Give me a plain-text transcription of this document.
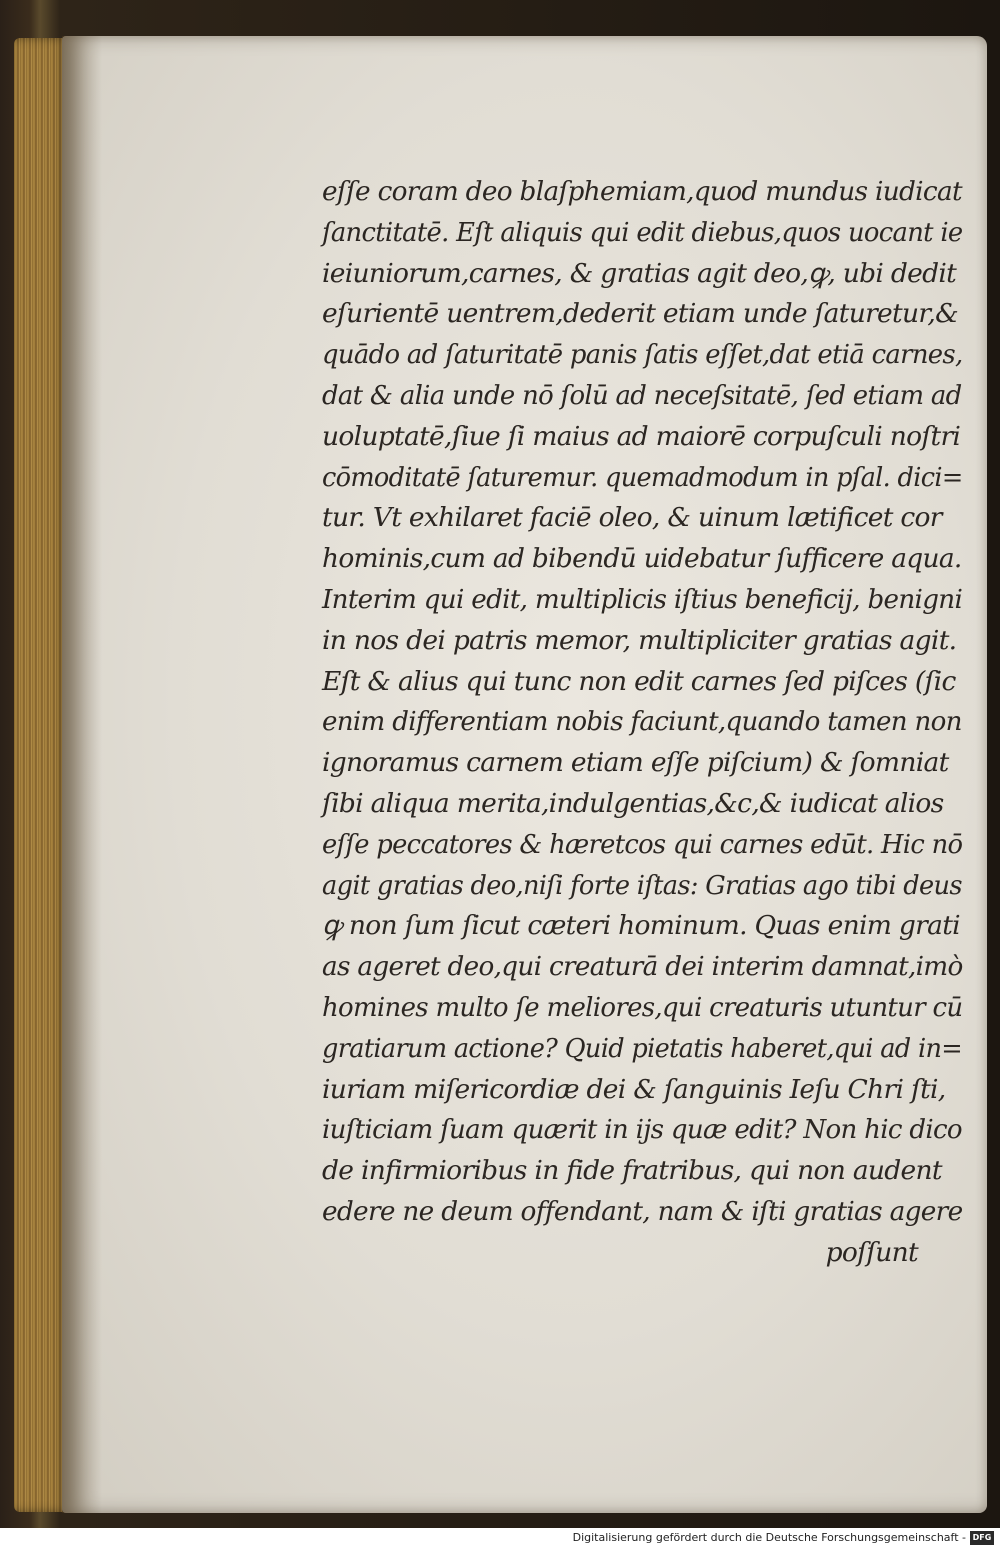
eſſe coram deo blaſphemiam,quod mundus iudicat
ſanctitatē. Eſt aliquis qui edit diebus,quos uocant ie
ieiuniorum,carnes, & gratias agit deo,ꝙ, ubi dedit
eſurientē uentrem,dederit etiam unde ſaturetur,&
quādo ad ſaturitatē panis ſatis eſſet,dat etiā carnes,
dat & alia unde nō ſolū ad neceſsitatē, ſed etiam ad
uoluptatē,ſiue ſi maius ad maiorē corpuſculi noſtri
cōmoditatē ſaturemur. quemadmodum in pſal. dici=
tur. Vt exhilaret faciē oleo, & uinum lætificet cor
hominis,cum ad bibendū uidebatur ſufficere aqua.
Interim qui edit, multiplicis iſtius beneficij, benigni
in nos dei patris memor, multipliciter gratias agit.
Eſt & alius qui tunc non edit carnes ſed piſces (ſic
enim differentiam nobis faciunt,quando tamen non
ignoramus carnem etiam eſſe piſcium) & ſomniat
ſibi aliqua merita,indulgentias,&c,& iudicat alios
eſſe peccatores & hæretcos qui carnes edūt. Hic nō
agit gratias deo,niſi forte iſtas: Gratias ago tibi deus
ꝙ non ſum ſicut cæteri hominum. Quas enim grati
as ageret deo,qui creaturā dei interim damnat,imò
homines multo ſe meliores,qui creaturis utuntur cū
gratiarum actione? Quid pietatis haberet,qui ad in=
iuriam miſericordiæ dei & ſanguinis Ieſu Chri ſti,
iuſticiam ſuam quærit in ijs quæ edit? Non hic dico
de infirmioribus in fide fratribus, qui non audent
edere ne deum offendant, nam & iſti gratias agere
poſſunt
Digitalisierung gefördert durch die Deutsche Forschungsgemeinschaft - DFG
